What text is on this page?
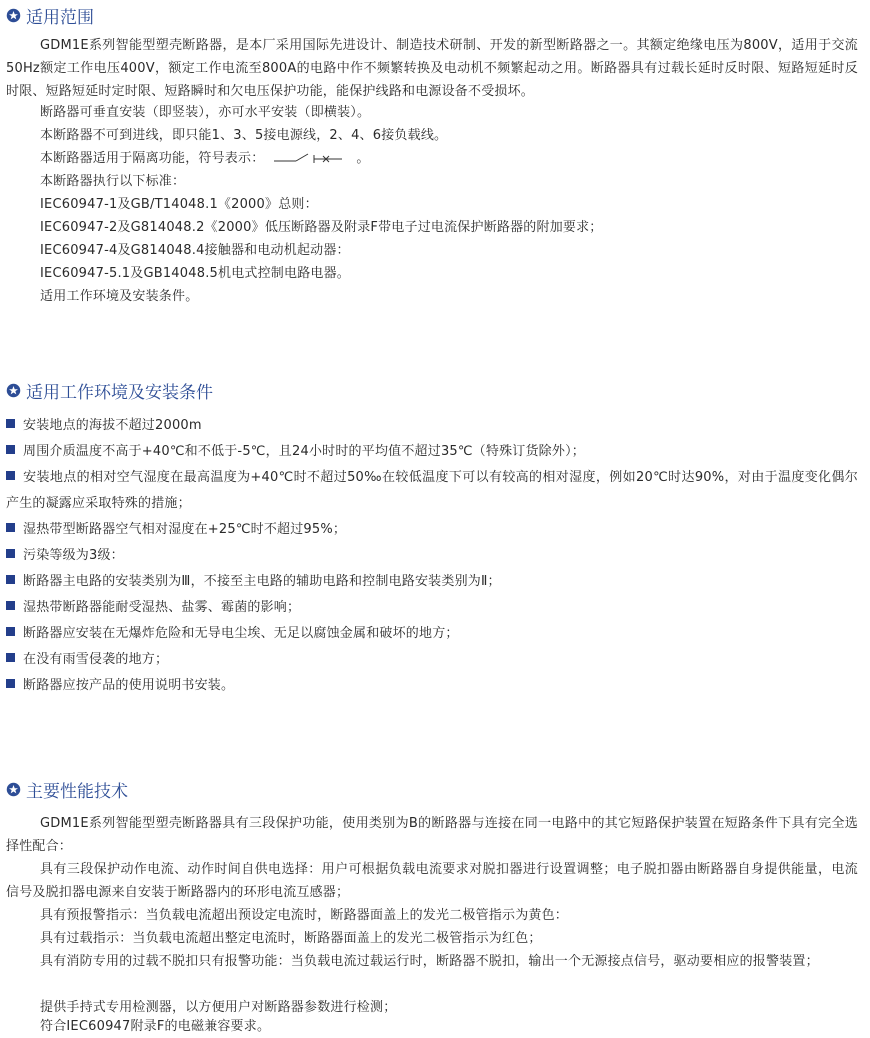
适用范围
GDM1E系列智能型塑壳断路器，是本厂采用国际先进设计、制造技术研制、开发的新型断路器之一。其额定绝缘电压为800V，适用于交流50Hz额定工作电压400V，额定工作电流至800A的电路中作不频繁转换及电动机不频繁起动之用。断路器具有过载长延时反时限、短路短延时反时限、短路短延时定时限、短路瞬时和欠电压保护功能，能保护线路和电源设备不受损坏。
断路器可垂直安装（即竖装），亦可水平安装（即横装）。
本断路器不可到进线，即只能1、3、5接电源线，2、4、6接负载线。
本断路器适用于隔离功能，符号表示：	。
本断路器执行以下标准：
IEC60947-1及GB/T14048.1《2000》总则：
IEC60947-2及G814048.2《2000》低压断路器及附录F带电子过电流保护断路器的附加要求；
IEC60947-4及G814048.4接触器和电动机起动器：
IEC60947-5.1及GB14048.5机电式控制电路电器。
适用工作环境及安装条件。
适用工作环境及安装条件
安装地点的海拔不超过2000m
周围介质温度不高于+40℃和不低于-5℃，且24小时时的平均值不超过35℃（特殊订货除外）；
安装地点的相对空气湿度在最高温度为+40℃时不超过50‰在较低温度下可以有较高的相对湿度，例如20℃时达90%，对由于温度变化偶尔产生的凝露应采取特殊的措施；
湿热带型断路器空气相对湿度在+25℃时不超过95%；
污染等级为3级：
断路器主电路的安装类别为Ⅲ，不接至主电路的辅助电路和控制电路安装类别为Ⅱ；
湿热带断路器能耐受湿热、盐雾、霉菌的影响；
断路器应安装在无爆炸危险和无导电尘埃、无足以腐蚀金属和破坏的地方；
在没有雨雪侵袭的地方；
断路器应按产品的使用说明书安装。
主要性能技术
GDM1E系列智能型塑壳断路器具有三段保护功能，使用类别为B的断路器与连接在同一电路中的其它短路保护装置在短路条件下具有完全选择性配合：
具有三段保护动作电流、动作时间自供电选择：用户可根据负载电流要求对脱扣器进行设置调整；电子脱扣器由断路器自身提供能量，电流信号及脱扣器电源来自安装于断路器内的环形电流互感器；
具有预报警指示：当负载电流超出预设定电流时，断路器面盖上的发光二极管指示为黄色：
具有过载指示：当负载电流超出整定电流时，断路器面盖上的发光二极管指示为红色；
具有消防专用的过载不脱扣只有报警功能：当负载电流过载运行时，断路器不脱扣，输出一个无源接点信号，驱动要相应的报警装置；
提供手持式专用检测器，以方便用户对断路器参数进行检测；
符合IEC60947附录F的电磁兼容要求。
